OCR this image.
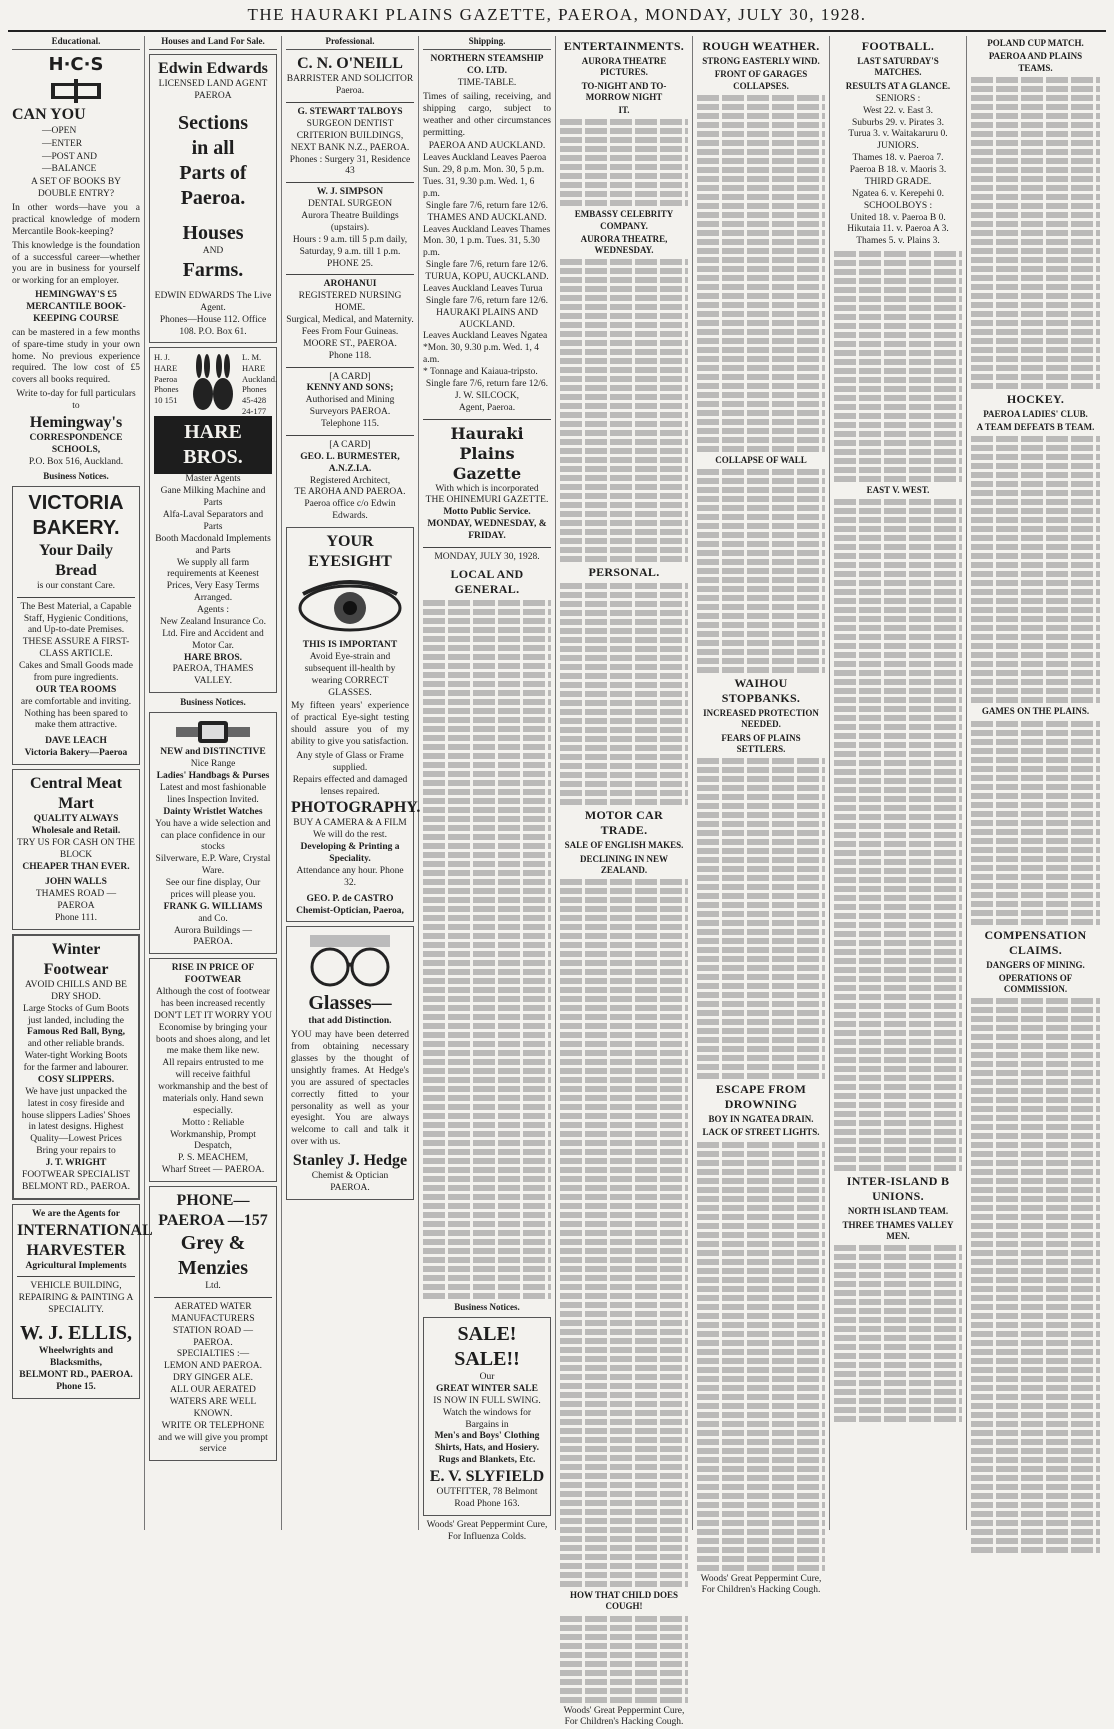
THE HAURAKI PLAINS GAZETTE, PAEROA, MONDAY, JULY 30, 1928.
Educational.
H·C·S
CAN YOU
—OPEN
—ENTER
—POST AND
—BALANCE
A SET OF BOOKS BY DOUBLE ENTRY?
In other words—have you a practical knowledge of modern Mercantile Book-keeping?
This knowledge is the foundation of a successful career—whether you are in business for yourself or working for an employer.
HEMINGWAY'S £5 MERCANTILE BOOK-KEEPING COURSE
can be mastered in a few months of spare-time study in your own home. No previous experience required. The low cost of £5 covers all books required.
Write to-day for full particulars to
Hemingway's
CORRESPONDENCE SCHOOLS,
P.O. Box 516, Auckland.
Business Notices.
VICTORIA BAKERY.
Your Daily Bread
is our constant Care.
The Best Material, a Capable Staff, Hygienic Conditions, and Up-to-date Premises.
THESE ASSURE A FIRST-CLASS ARTICLE.
Cakes and Small Goods made from pure ingredients.
OUR TEA ROOMS
are comfortable and inviting. Nothing has been spared to make them attractive.
DAVE LEACH
Victoria Bakery—Paeroa
Central Meat Mart
QUALITY ALWAYS
Wholesale and Retail.
TRY US FOR CASH ON THE BLOCK
CHEAPER THAN EVER.
JOHN WALLS
THAMES ROAD — PAEROA
Phone 111.
Winter Footwear
AVOID CHILLS AND BE DRY SHOD.
Large Stocks of Gum Boots just landed, including the
Famous Red Ball, Byng,
and other reliable brands.
Water-tight Working Boots for the farmer and labourer.
COSY SLIPPERS.
We have just unpacked the latest in cosy fireside and house slippers Ladies' Shoes in latest designs. Highest Quality—Lowest Prices
Bring your repairs to
J. T. WRIGHT
FOOTWEAR SPECIALIST BELMONT RD., PAEROA.
We are the Agents for
INTERNATIONAL
HARVESTER
Agricultural Implements
VEHICLE BUILDING, REPAIRING & PAINTING A SPECIALITY.
W. J. ELLIS,
Wheelwrights and Blacksmiths,
BELMONT RD., PAEROA.
Phone 15.
Houses and Land For Sale.
Edwin Edwards
LICENSED LAND AGENT PAEROA
Sections
in all
Parts of Paeroa.
Houses
AND
Farms.
EDWIN EDWARDS The Live Agent.
Phones—House 112. Office 108. P.O. Box 61.
H. J. HARE Paeroa Phones 10 151
L. M. HARE Auckland. Phones 45-428 24-177
HARE BROS.
Master Agents
Gane Milking Machine and Parts
Alfa-Laval Separators and Parts
Booth Macdonald Implements and Parts
We supply all farm requirements at Keenest Prices, Very Easy Terms Arranged.
Agents :
New Zealand Insurance Co. Ltd. Fire and Accident and Motor Car.
HARE BROS.
PAEROA, THAMES VALLEY.
Business Notices.
NEW and DISTINCTIVE
Nice Range
Ladies' Handbags & Purses
Latest and most fashionable lines Inspection Invited.
Dainty Wristlet Watches
You have a wide selection and can place confidence in our stocks
Silverware, E.P. Ware, Crystal Ware.
See our fine display, Our prices will please you.
FRANK G. WILLIAMS
and Co.
Aurora Buildings — PAEROA.
RISE IN PRICE OF FOOTWEAR
Although the cost of footwear has been increased recently DON'T LET IT WORRY YOU
Economise by bringing your boots and shoes along, and let me make them like new.
All repairs entrusted to me will receive faithful workmanship and the best of materials only. Hand sewn especially.
Motto : Reliable Workmanship, Prompt Despatch,
P. S. MEACHEM,
Wharf Street — PAEROA.
PHONE—PAEROA —157
Grey & Menzies
Ltd.
AERATED WATER
MANUFACTURERS
STATION ROAD — PAEROA.
SPECIALTIES :—
LEMON AND PAEROA.
DRY GINGER ALE.
ALL OUR AERATED WATERS ARE WELL KNOWN.
WRITE OR TELEPHONE
and we will give you prompt service
Professional.
C. N. O'NEILL
BARRISTER AND SOLICITOR Paeroa.
G. STEWART TALBOYS
SURGEON DENTIST
CRITERION BUILDINGS, NEXT BANK N.Z., PAEROA.
Phones : Surgery 31, Residence 43
W. J. SIMPSON
DENTAL SURGEON
Aurora Theatre Buildings (upstairs).
Hours : 9 a.m. till 5 p.m daily, Saturday, 9 a.m. till 1 p.m.
PHONE 25.
AROHANUI
REGISTERED NURSING HOME.
Surgical, Medical, and Maternity. Fees From Four Guineas.
MOORE ST., PAEROA.
Phone 118.
[A CARD]
KENNY AND SONS;
Authorised and Mining Surveyors PAEROA.
Telephone 115.
[A CARD]
GEO. L. BURMESTER, A.N.Z.I.A.
Registered Architect,
TE AROHA AND PAEROA.
Paeroa office c/o Edwin Edwards.
YOUR EYESIGHT
THIS IS IMPORTANT
Avoid Eye-strain and subsequent ill-health by wearing CORRECT GLASSES.
My fifteen years' experience of practical Eye-sight testing should assure you of my ability to give you satisfaction.
Any style of Glass or Frame supplied.
Repairs effected and damaged lenses repaired.
PHOTOGRAPHY.
BUY A CAMERA & A FILM We will do the rest.
Developing & Printing a Speciality.
Attendance any hour. Phone 32.
GEO. P. de CASTRO
Chemist-Optician, Paeroa,
Glasses—
that add Distinction.
YOU may have been deterred from obtaining necessary glasses by the thought of unsightly frames. At Hedge's you are assured of spectacles correctly fitted to your personality as well as your eyesight. You are always welcome to call and talk it over with us.
Stanley J. Hedge
Chemist & Optician PAEROA.
Shipping.
NORTHERN STEAMSHIP CO. LTD.
TIME-TABLE.
Times of sailing, receiving, and shipping cargo, subject to weather and other circumstances permitting.
PAEROA AND AUCKLAND.
Leaves Auckland Leaves Paeroa
Sun. 29, 8 p.m. Mon. 30, 5 p.m.
Tues. 31, 9.30 p.m. Wed. 1, 6 p.m.
Single fare 7/6, return fare 12/6.
THAMES AND AUCKLAND.
Leaves Auckland Leaves Thames
Mon. 30, 1 p.m. Tues. 31, 5.30 p.m.
Single fare 7/6, return fare 12/6.
TURUA, KOPU, AUCKLAND.
Leaves Auckland Leaves Turua
Single fare 7/6, return fare 12/6.
HAURAKI PLAINS AND AUCKLAND.
Leaves Auckland Leaves Ngatea
*Mon. 30, 9.30 p.m. Wed. 1, 4 a.m.
* Tonnage and Kaiaua-tripsto.
Single fare 7/6, return fare 12/6.
J. W. SILCOCK,
Agent, Paeroa.
Hauraki Plains Gazette
With which is incorporated
THE OHINEMURI GAZETTE.
Motto Public Service.
MONDAY, WEDNESDAY, & FRIDAY.
MONDAY, JULY 30, 1928.
LOCAL AND GENERAL.
Business Notices.
SALE! SALE!!
Our
GREAT WINTER SALE
IS NOW IN FULL SWING.
Watch the windows for Bargains in
Men's and Boys' Clothing Shirts, Hats, and Hosiery. Rugs and Blankets, Etc.
E. V. SLYFIELD
OUTFITTER, 78 Belmont Road Phone 163.
Woods' Great Peppermint Cure, For Influenza Colds.
ENTERTAINMENTS.
AURORA THEATRE PICTURES.
TO-NIGHT AND TO-MORROW NIGHT
IT.
EMBASSY CELEBRITY COMPANY.
AURORA THEATRE, WEDNESDAY.
PERSONAL.
MOTOR CAR TRADE.
SALE OF ENGLISH MAKES.
DECLINING IN NEW ZEALAND.
HOW THAT CHILD DOES COUGH!
Woods' Great Peppermint Cure, For Children's Hacking Cough.
ROUGH WEATHER.
STRONG EASTERLY WIND.
FRONT OF GARAGES COLLAPSES.
COLLAPSE OF WALL
WAIHOU STOPBANKS.
INCREASED PROTECTION NEEDED.
FEARS OF PLAINS SETTLERS.
ESCAPE FROM DROWNING
BOY IN NGATEA DRAIN.
LACK OF STREET LIGHTS.
Woods' Great Peppermint Cure, For Children's Hacking Cough.
FOOTBALL.
LAST SATURDAY'S MATCHES.
RESULTS AT A GLANCE.
SENIORS :
West 22. v. East 3.
Suburbs 29. v. Pirates 3.
Turua 3. v. Waitakaruru 0.
JUNIORS.
Thames 18. v. Paeroa 7.
Paeroa B 18. v. Maoris 3.
THIRD GRADE.
Ngatea 6. v. Kerepehi 0.
SCHOOLBOYS :
United 18. v. Paeroa B 0.
Hikutaia 11. v. Paeroa A 3.
Thames 5. v. Plains 3.
EAST V. WEST.
INTER-ISLAND B UNIONS.
NORTH ISLAND TEAM.
THREE THAMES VALLEY MEN.
POLAND CUP MATCH.
PAEROA AND PLAINS TEAMS.
HOCKEY.
PAEROA LADIES' CLUB.
A TEAM DEFEATS B TEAM.
GAMES ON THE PLAINS.
COMPENSATION CLAIMS.
DANGERS OF MINING.
OPERATIONS OF COMMISSION.
